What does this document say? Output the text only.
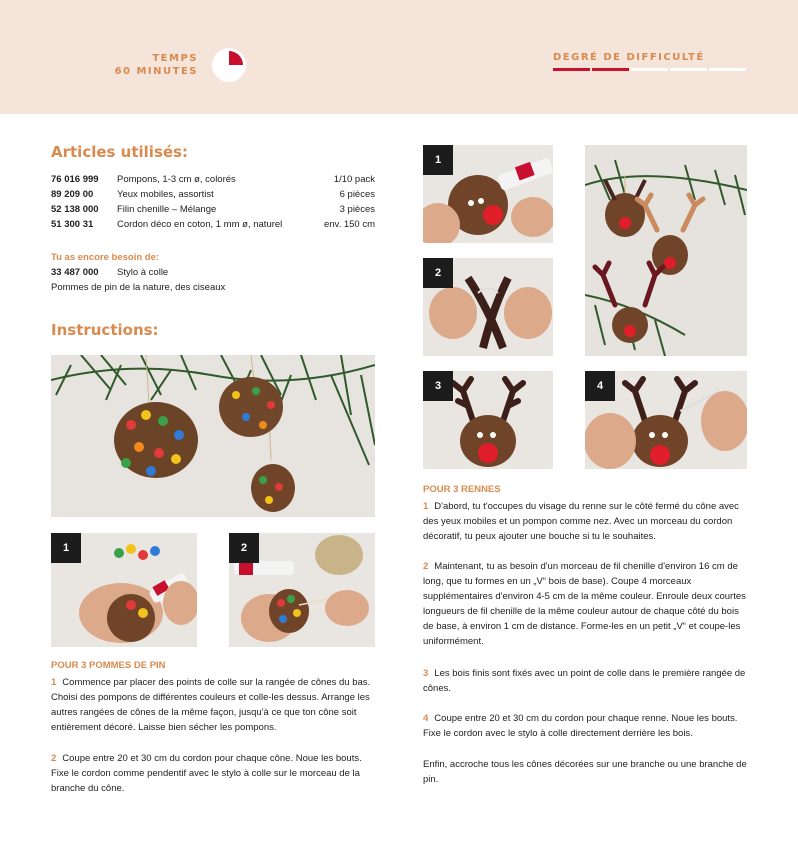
TEMPS
60 MINUTES
DEGRÉ DE DIFFICULTÉ
Articles utilisés:
76 016 999	Pompons, 1-3 cm ø, colorés	1/10 pack
89 209 00	Yeux mobiles, assortist	6 pièces
52 138 000	Filin chenille – Mélange	3 pièces
51 300 31	Cordon déco en coton, 1 mm ø, naturel	env. 150 cm
Tu as encore besoin de:
33 487 000 Stylo à colle
Pommes de pin de la nature, des ciseaux
Instructions:
1	2
POUR 3 POMMES DE PIN
1 Commence par placer des points de colle sur la rangée de cônes du bas. Choisi des pompons de différentes couleurs et colle-les dessus. Arrange les autres rangées de cônes de la même façon, jusqu'à ce que ton cône soit entièrement décoré. Laisse bien sécher les pompons.
2 Coupe entre 20 et 30 cm du cordon pour chaque cône. Noue les bouts. Fixe le cordon comme pendentif avec le stylo à colle sur le morceau de la branche du cône.
1
2
3	4
POUR 3 RENNES
1 D'abord, tu t'occupes du visage du renne sur le côté fermé du cône avec des yeux mobiles et un pompon comme nez. Avec un morceau du cordon décoratif, tu peux ajouter une bouche si tu le souhaites.
2 Maintenant, tu as besoin d'un morceau de fil chenille d'environ 16 cm de long, que tu formes en un „V“ bois de base). Coupe 4 morceaux supplémentaires d'environ 4-5 cm de la même couleur. Enroule deux courtes longueurs de fil chenille de la même couleur autour de chaque côté du bois de base, à environ 1 cm de distance. Forme-les en un petit „V“ et coupe-les uniformément.
3 Les bois finis sont fixés avec un point de colle dans le première rangée de cônes.
4 Coupe entre 20 et 30 cm du cordon pour chaque renne. Noue les bouts. Fixe le cordon avec le stylo à colle directement derrière les bois.
Enfin, accroche tous les cônes décorées sur une branche ou une branche de pin.
